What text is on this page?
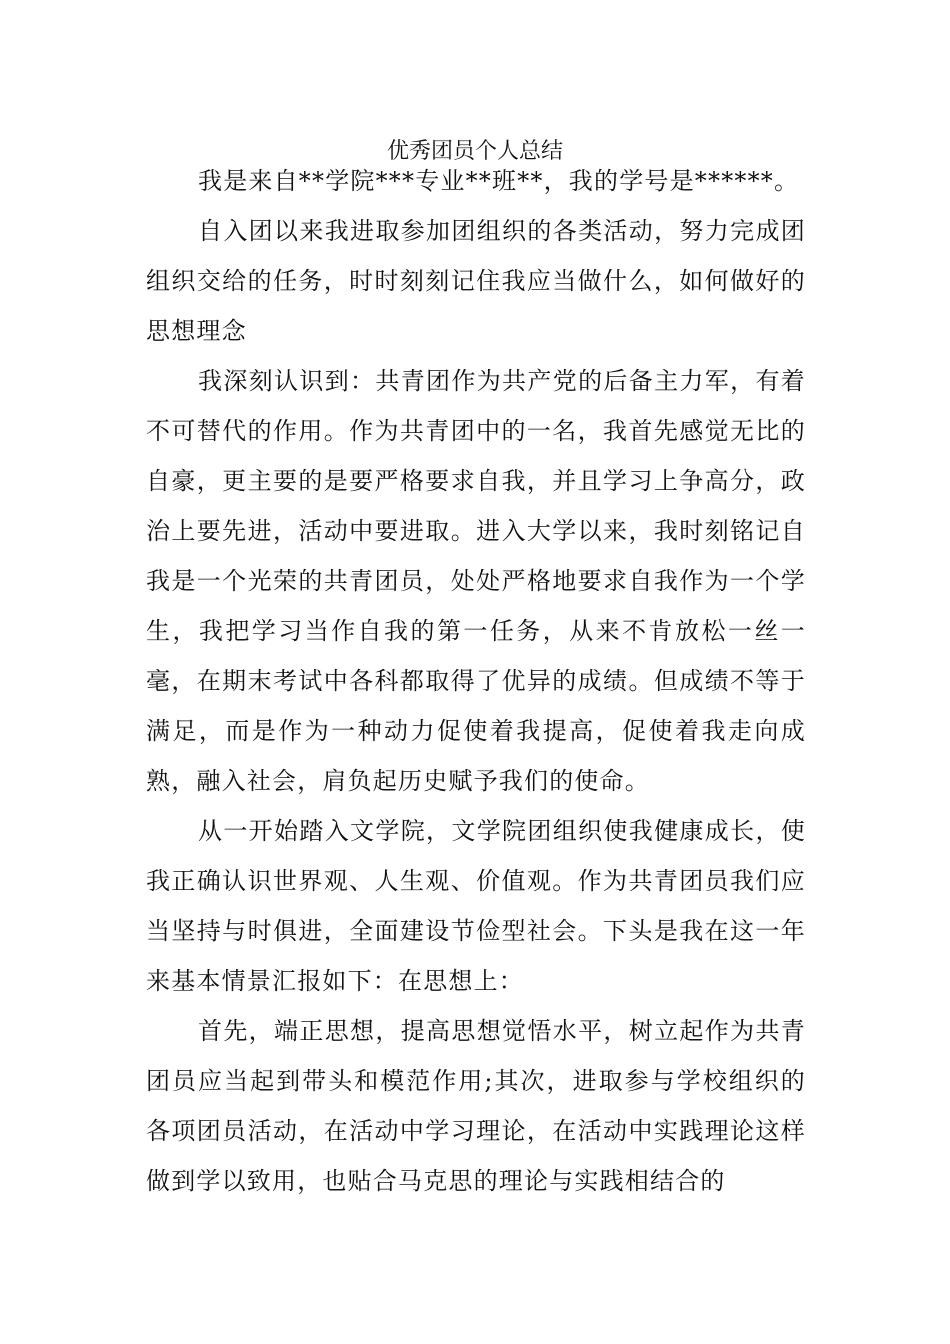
优秀团员个人总结

我是来自**学院***专业**班**，我的学号是******。

自入团以来我进取参加团组织的各类活动，努力完成团组织交给的任务，时时刻刻记住我应当做什么，如何做好的思想理念

我深刻认识到：共青团作为共产党的后备主力军，有着不可替代的作用。作为共青团中的一名，我首先感觉无比的自豪，更主要的是要严格要求自我，并且学习上争高分，政治上要先进，活动中要进取。进入大学以来，我时刻铭记自我是一个光荣的共青团员，处处严格地要求自我作为一个学生，我把学习当作自我的第一任务，从来不肯放松一丝一毫，在期末考试中各科都取得了优异的成绩。但成绩不等于满足，而是作为一种动力促使着我提高，促使着我走向成熟，融入社会，肩负起历史赋予我们的使命。

从一开始踏入文学院，文学院团组织使我健康成长，使我正确认识世界观、人生观、价值观。作为共青团员我们应当坚持与时俱进，全面建设节俭型社会。下头是我在这一年来基本情景汇报如下：在思想上：

首先，端正思想，提高思想觉悟水平，树立起作为共青团员应当起到带头和模范作用;其次，进取参与学校组织的各项团员活动，在活动中学习理论，在活动中实践理论这样做到学以致用，也贴合马克思的理论与实践相结合的
